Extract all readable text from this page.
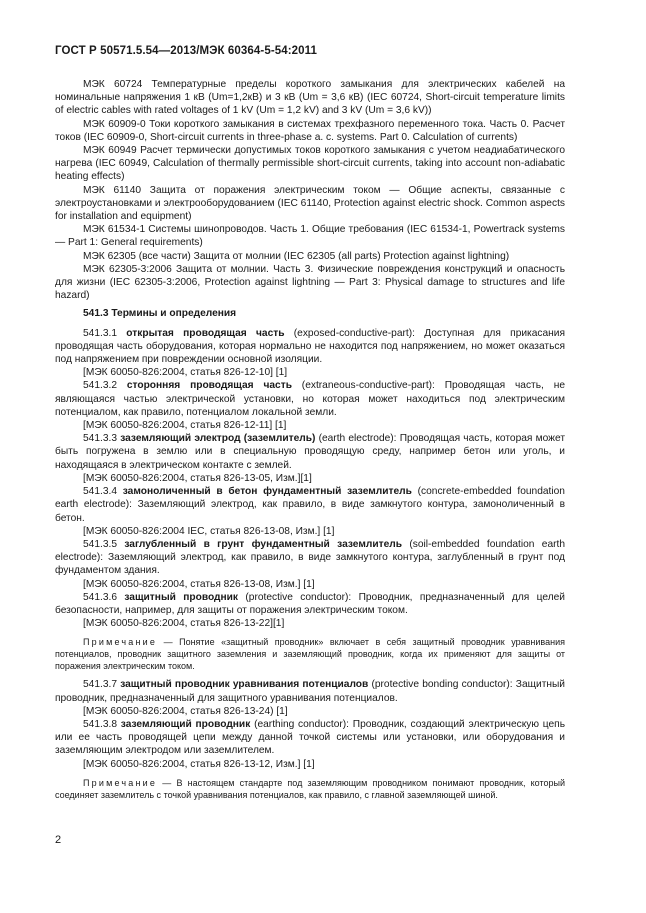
ГОСТ Р 50571.5.54—2013/МЭК 60364-5-54:2011

МЭК 60724 Температурные пределы короткого замыкания для электрических кабелей на номинальные напряжения 1 кВ (Um=1,2кВ) и 3 кВ (Um = 3,6 кВ) (IEC 60724, Short-circuit temperature limits of electric cables with rated voltages of 1 kV (Um = 1,2 kV) and 3 kV (Um = 3,6 kV))

МЭК 60909-0 Токи короткого замыкания в системах трехфазного переменного тока. Часть 0. Расчет токов (IEC 60909-0, Short-circuit currents in three-phase a. c. systems. Part 0. Calculation of currents)

МЭК 60949 Расчет термически допустимых токов короткого замыкания с учетом неадиабатического нагрева (IEC 60949, Calculation of thermally permissible short-circuit currents, taking into account non-adiabatic heating effects)

МЭК 61140 Защита от поражения электрическим током — Общие аспекты, связанные с электроустановками и электрооборудованием (IEC 61140, Protection against electric shock. Common aspects for installation and equipment)

МЭК 61534-1 Системы шинопроводов. Часть 1. Общие требования (IEC 61534-1, Powertrack systems — Part 1: General requirements)

МЭК 62305 (все части) Защита от молнии (IEC 62305 (all parts) Protection against lightning)

МЭК 62305-3:2006 Защита от молнии. Часть 3. Физические повреждения конструкций и опасность для жизни (IEC 62305-3:2006, Protection against lightning — Part 3: Physical damage to structures and life hazard)

541.3 Термины и определения

541.3.1 открытая проводящая часть (exposed-conductive-part): Доступная для прикасания проводящая часть оборудования, которая нормально не находится под напряжением, но может оказаться под напряжением при повреждении основной изоляции.

[МЭК 60050-826:2004, статья 826-12-10] [1]

541.3.2 сторонняя проводящая часть (extraneous-conductive-part): Проводящая часть, не являющаяся частью электрической установки, но которая может находиться под электрическим потенциалом, как правило, потенциалом локальной земли.

[МЭК 60050-826:2004, статья 826-12-11] [1]

541.3.3 заземляющий электрод (заземлитель) (earth electrode): Проводящая часть, которая может быть погружена в землю или в специальную проводящую среду, например бетон или уголь, и находящаяся в электрическом контакте с землей.

[МЭК 60050-826:2004, статья 826-13-05, Изм.][1]

541.3.4 замоноличенный в бетон фундаментный заземлитель (concrete-embedded foundation earth electrode): Заземляющий электрод, как правило, в виде замкнутого контура, замоноличенный в бетон.

[МЭК 60050-826:2004 IEC, статья 826-13-08, Изм.] [1]

541.3.5 заглубленный в грунт фундаментный заземлитель (soil-embedded foundation earth electrode): Заземляющий электрод, как правило, в виде замкнутого контура, заглубленный в грунт под фундаментом здания.

[МЭК 60050-826:2004, статья 826-13-08, Изм.] [1]

541.3.6 защитный проводник (protective conductor): Проводник, предназначенный для целей безопасности, например, для защиты от поражения электрическим током.

[МЭК 60050-826:2004, статья 826-13-22][1]

Примечание — Понятие «защитный проводник» включает в себя защитный проводник уравнивания потенциалов, проводник защитного заземления и заземляющий проводник, когда их применяют для защиты от поражения электрическим током.

541.3.7 защитный проводник уравнивания потенциалов (protective bonding conductor): Защитный проводник, предназначенный для защитного уравнивания потенциалов.

[МЭК 60050-826:2004, статья 826-13-24) [1]

541.3.8 заземляющий проводник (earthing conductor): Проводник, создающий электрическую цепь или ее часть проводящей цепи между данной точкой системы или установки, или оборудования и заземляющим электродом или заземлителем.

[МЭК 60050-826:2004, статья 826-13-12, Изм.] [1]

Примечание — В настоящем стандарте под заземляющим проводником понимают проводник, который соединяет заземлитель с точкой уравнивания потенциалов, как правило, с главной заземляющей шиной.

2
